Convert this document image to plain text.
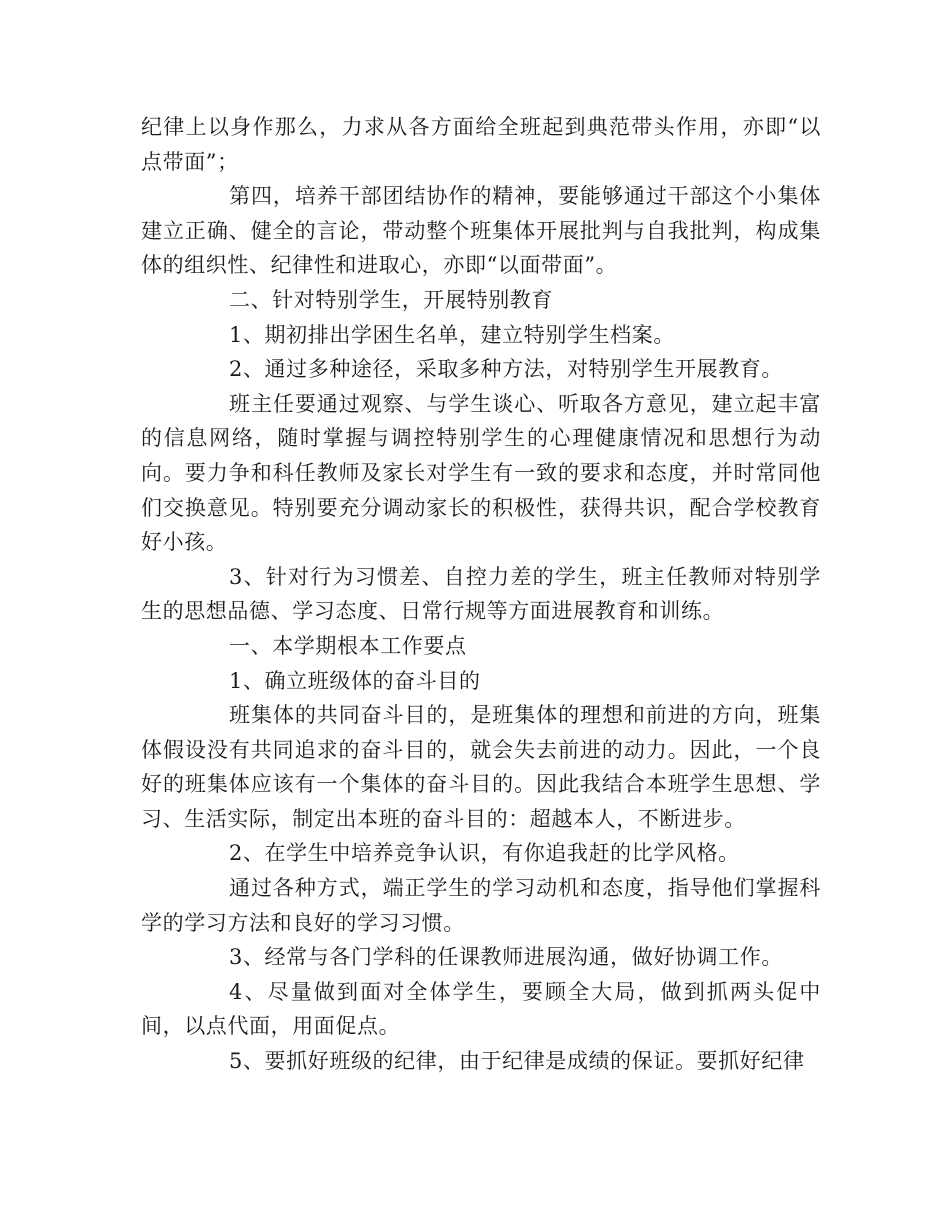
纪律上以身作那么，力求从各方面给全班起到典范带头作用，亦即“以点带面”；

第四，培养干部团结协作的精神，要能够通过干部这个小集体建立正确、健全的言论，带动整个班集体开展批判与自我批判，构成集体的组织性、纪律性和进取心，亦即“以面带面”。

二、针对特别学生，开展特别教育

1、期初排出学困生名单，建立特别学生档案。

2、通过多种途径，采取多种方法，对特别学生开展教育。

班主任要通过观察、与学生谈心、听取各方意见，建立起丰富的信息网络，随时掌握与调控特别学生的心理健康情况和思想行为动向。要力争和科任教师及家长对学生有一致的要求和态度，并时常同他们交换意见。特别要充分调动家长的积极性，获得共识，配合学校教育好小孩。

3、针对行为习惯差、自控力差的学生，班主任教师对特别学生的思想品德、学习态度、日常行规等方面进展教育和训练。

一、本学期根本工作要点

1、确立班级体的奋斗目的

班集体的共同奋斗目的，是班集体的理想和前进的方向，班集体假设没有共同追求的奋斗目的，就会失去前进的动力。因此，一个良好的班集体应该有一个集体的奋斗目的。因此我结合本班学生思想、学习、生活实际，制定出本班的奋斗目的：超越本人，不断进步。

2、在学生中培养竞争认识，有你追我赶的比学风格。

通过各种方式，端正学生的学习动机和态度，指导他们掌握科学的学习方法和良好的学习习惯。

3、经常与各门学科的任课教师进展沟通，做好协调工作。

4、尽量做到面对全体学生，要顾全大局，做到抓两头促中间，以点代面，用面促点。

5、要抓好班级的纪律，由于纪律是成绩的保证。要抓好纪律
